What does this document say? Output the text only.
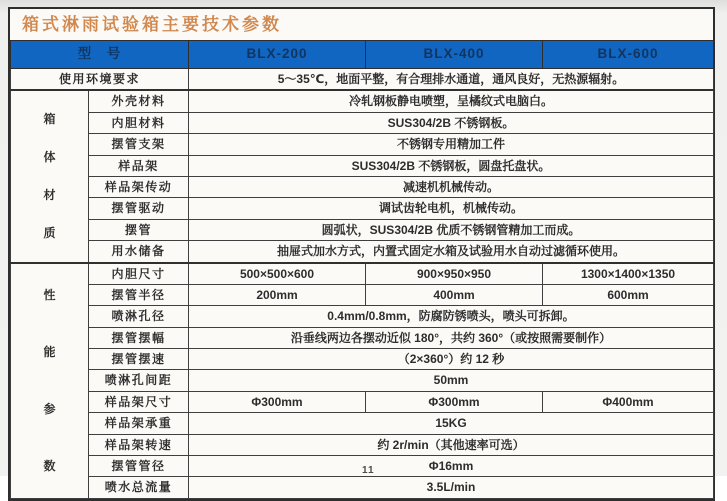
箱式淋雨试验箱主要技术参数
型　号		BLX-200	BLX-400	BLX-600
使用环境要求		5～35℃，地面平整，有合理排水通道，通风良好，无热源辐射。		

箱
体
材
质	外壳材料	冷轧钢板静电喷塑，呈橘纹式电脑白。		
	内胆材料	SUS304/2B 不锈钢板。		
	摆管支架	不锈钢专用精加工件		
	样品架	SUS304/2B 不锈钢板，圆盘托盘状。		
	样品架传动	减速机机械传动。		
	摆管驱动	调试齿轮电机，机械传动。		
	摆管	圆弧状，SUS304/2B 优质不锈钢管精加工而成。		
	用水储备	抽屉式加水方式，内置式固定水箱及试验用水自动过滤循环使用。		

性
能
参
数	内胆尺寸	500×500×600	900×950×950	1300×1400×1350
	摆管半径	200mm	400mm	600mm
	喷淋孔径	0.4mm/0.8mm，防腐防锈喷头，喷头可拆卸。		
	摆管摆幅	沿垂线两边各摆动近似 180°，共约 360°（或按照需要制作）		
	摆管摆速	（2×360°）约 12 秒		
	喷淋孔间距	50mm		
	样品架尺寸	Φ300mm	Φ300mm	Φ400mm
	样品架承重	15KG		
	样品架转速	约 2r/min（其他速率可选）		
	摆管管径	Φ16mm		
	喷水总流量	3.5L/min		
11
